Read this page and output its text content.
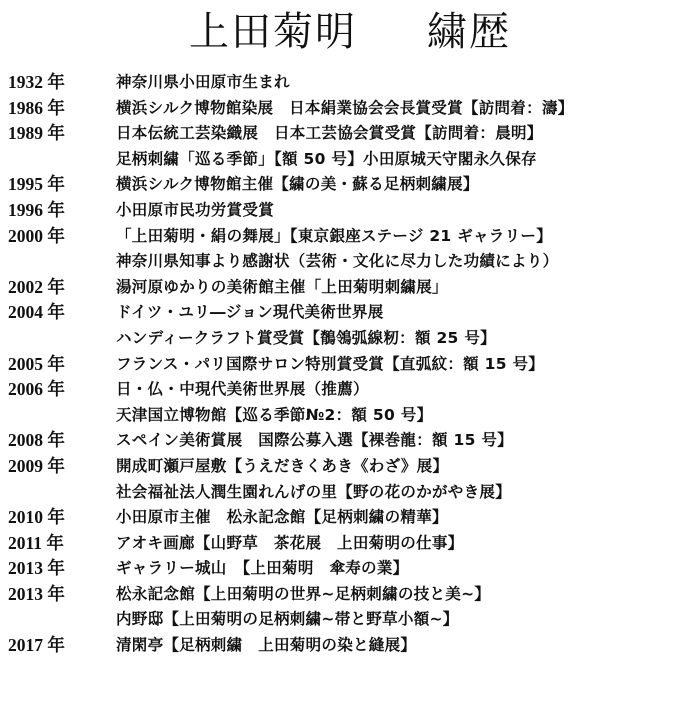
上田菊明 繍歴
1932 年	神奈川県小田原市生まれ
1986 年	横浜シルク博物館染展　日本絹業協会会長賞受賞【訪問着：濤】
1989 年	日本伝統工芸染織展　日本工芸協会賞受賞【訪問着：晨明】
足柄刺繍「巡る季節」【額 50 号】小田原城天守閣永久保存
1995 年	横浜シルク博物館主催【繍の美・蘇る足柄刺繍展】
1996 年	小田原市民功労賞受賞
2000 年	「上田菊明・絹の舞展」【東京銀座ステージ 21 ギャラリー】
神奈川県知事より感謝状（芸術・文化に尽力した功績により）
2002 年	湯河原ゆかりの美術館主催「上田菊明刺繍展」
2004 年	ドイツ・ユリ―ジョン現代美術世界展
ハンディークラフト賞受賞【鶺鴒弧線籾：額 25 号】
2005 年	フランス・パリ国際サロン特別賞受賞【直弧紋：額 15 号】
2006 年	日・仏・中現代美術世界展（推薦）
天津国立博物館【巡る季節№2：額 50 号】
2008 年	スペイン美術賞展　国際公募入選【裸巻龍：額 15 号】
2009 年	開成町瀬戸屋敷【うえだきくあき《わざ》展】
社会福祉法人潤生園れんげの里【野の花のかがやき展】
2010 年	小田原市主催　松永記念館【足柄刺繍の精華】
2011 年	アオキ画廊【山野草　茶花展　上田菊明の仕事】
2013 年	ギャラリー城山　【上田菊明　傘寿の業】
2013 年	松永記念館【上田菊明の世界~足柄刺繍の技と美~】
内野邸【上田菊明の足柄刺繍~帯と野草小額~】
2017 年	清閑亭【足柄刺繍　上田菊明の染と縫展】
